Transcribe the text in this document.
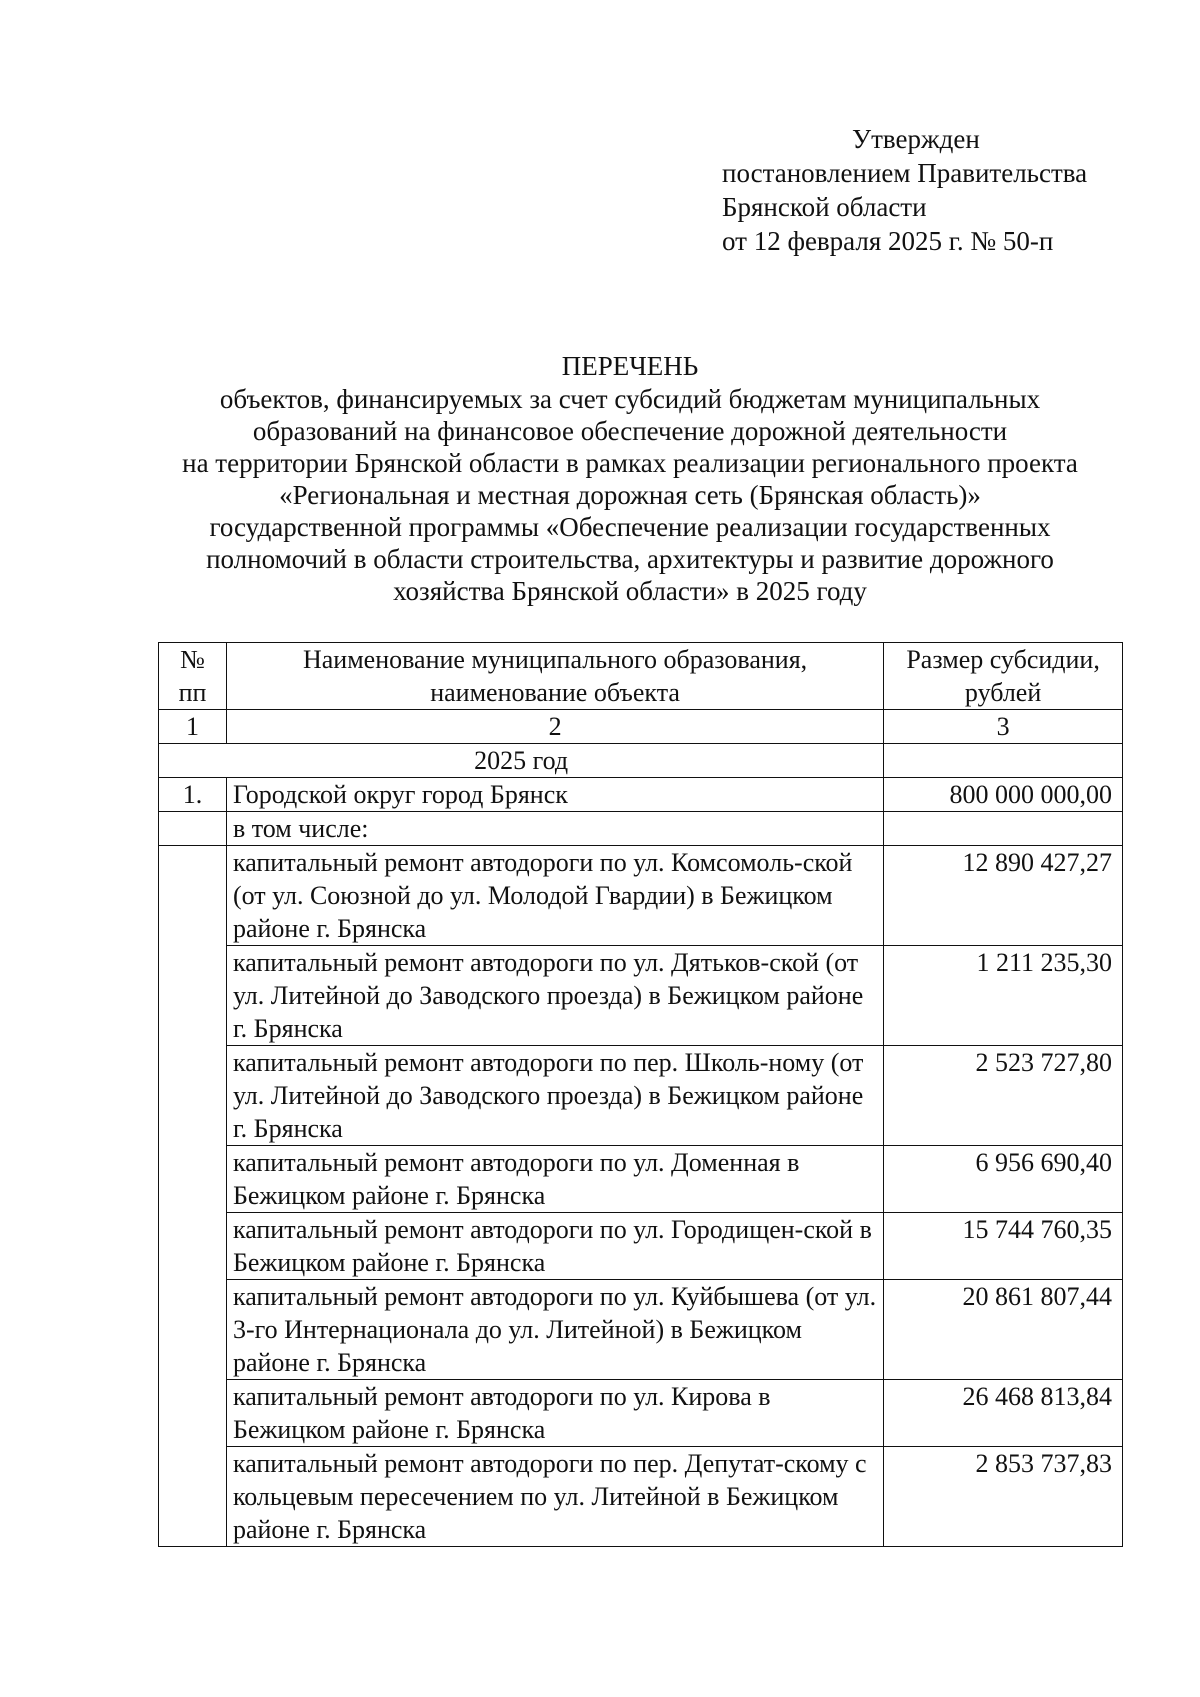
Утвержден
постановлением Правительства
Брянской области
от 12 февраля 2025 г. № 50-п
ПЕРЕЧЕНЬ
объектов, финансируемых за счет субсидий бюджетам муниципальных
образований на финансовое обеспечение дорожной деятельности
на территории Брянской области в рамках реализации регионального проекта
«Региональная и местная дорожная сеть (Брянская область)»
государственной программы «Обеспечение реализации государственных
полномочий в области строительства, архитектуры и развитие дорожного
хозяйства Брянской области» в 2025 году
№ пп	Наименование муниципального образования, наименование объекта	Размер субсидии, рублей
1	2	3
2025 год		
1.	Городской округ город Брянск	800 000 000,00
	в том числе:	
	капитальный ремонт автодороги по ул. Комсомоль-ской (от ул. Союзной до ул. Молодой Гвардии) в Бежицком районе г. Брянска	12 890 427,27
	капитальный ремонт автодороги по ул. Дятьков-ской (от ул. Литейной до Заводского проезда) в Бежицком районе г. Брянска	1 211 235,30
	капитальный ремонт автодороги по пер. Школь-ному (от ул. Литейной до Заводского проезда) в Бежицком районе г. Брянска	2 523 727,80
	капитальный ремонт автодороги по ул. Доменная в Бежицком районе г. Брянска	6 956 690,40
	капитальный ремонт автодороги по ул. Городищен-ской в Бежицком районе г. Брянска	15 744 760,35
	капитальный ремонт автодороги по ул. Куйбышева (от ул. 3-го Интернационала до ул. Литейной) в Бежицком районе г. Брянска	20 861 807,44
	капитальный ремонт автодороги по ул. Кирова в Бежицком районе г. Брянска	26 468 813,84
	капитальный ремонт автодороги по пер. Депутат-скому с кольцевым пересечением по ул. Литейной в Бежицком районе г. Брянска	2 853 737,83
